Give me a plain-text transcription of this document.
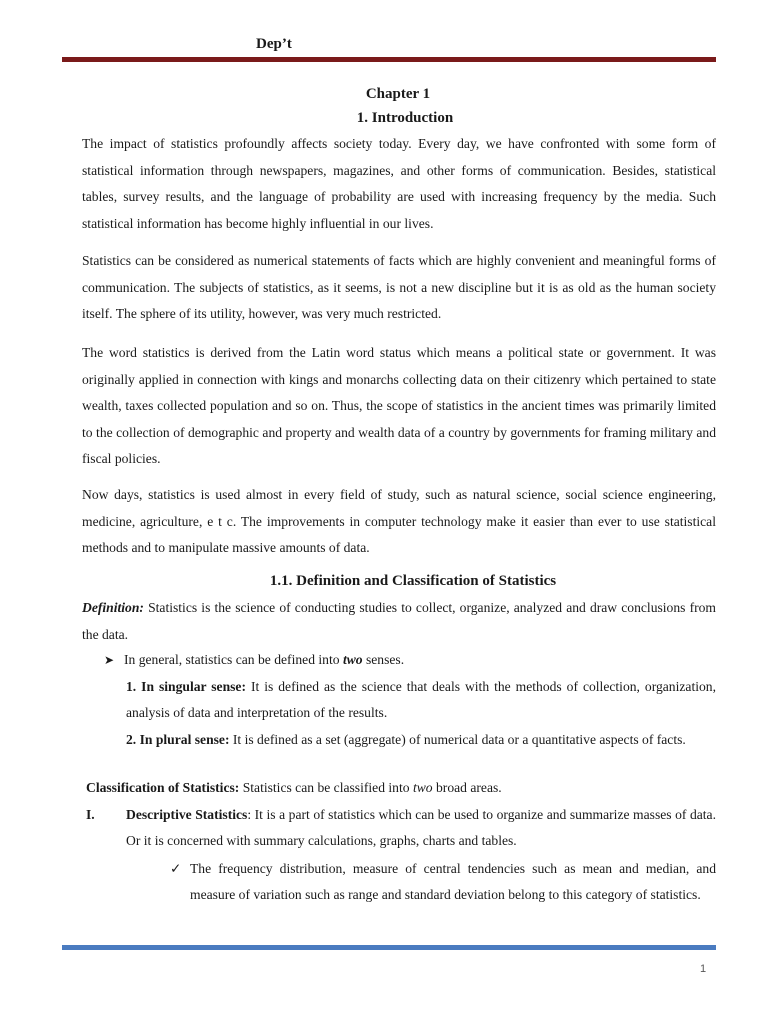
Dep’t
Chapter 1
1. Introduction
The impact of statistics profoundly affects society today. Every day, we have confronted with some form of statistical information through newspapers, magazines, and other forms of communication. Besides, statistical tables, survey results, and the language of probability are used with increasing frequency by the media. Such statistical information has become highly influential in our lives.
Statistics can be considered as numerical statements of facts which are highly convenient and meaningful forms of communication. The subjects of statistics, as it seems, is not a new discipline but it is as old as the human society itself. The sphere of its utility, however, was very much restricted.
The word statistics is derived from the Latin word status which means a political state or government. It was originally applied in connection with kings and monarchs collecting data on their citizenry which pertained to state wealth, taxes collected population and so on. Thus, the scope of statistics in the ancient times was primarily limited to the collection of demographic and property and wealth data of a country by governments for framing military and fiscal policies.
Now days, statistics is used almost in every field of study, such as natural science, social science engineering, medicine, agriculture, e t c. The improvements in computer technology make it easier than ever to use statistical methods and to manipulate massive amounts of data.
1.1. Definition and Classification of Statistics
Definition: Statistics is the science of conducting studies to collect, organize, analyzed and draw conclusions from the data.
➤ In general, statistics can be defined into two senses.
1. In singular sense: It is defined as the science that deals with the methods of collection, organization, analysis of data and interpretation of the results.
2. In plural sense: It is defined as a set (aggregate) of numerical data or a quantitative aspects of facts.
Classification of Statistics: Statistics can be classified into two broad areas.
I. Descriptive Statistics: It is a part of statistics which can be used to organize and summarize masses of data. Or it is concerned with summary calculations, graphs, charts and tables.
✓ The frequency distribution, measure of central tendencies such as mean and median, and measure of variation such as range and standard deviation belong to this category of statistics.
1
